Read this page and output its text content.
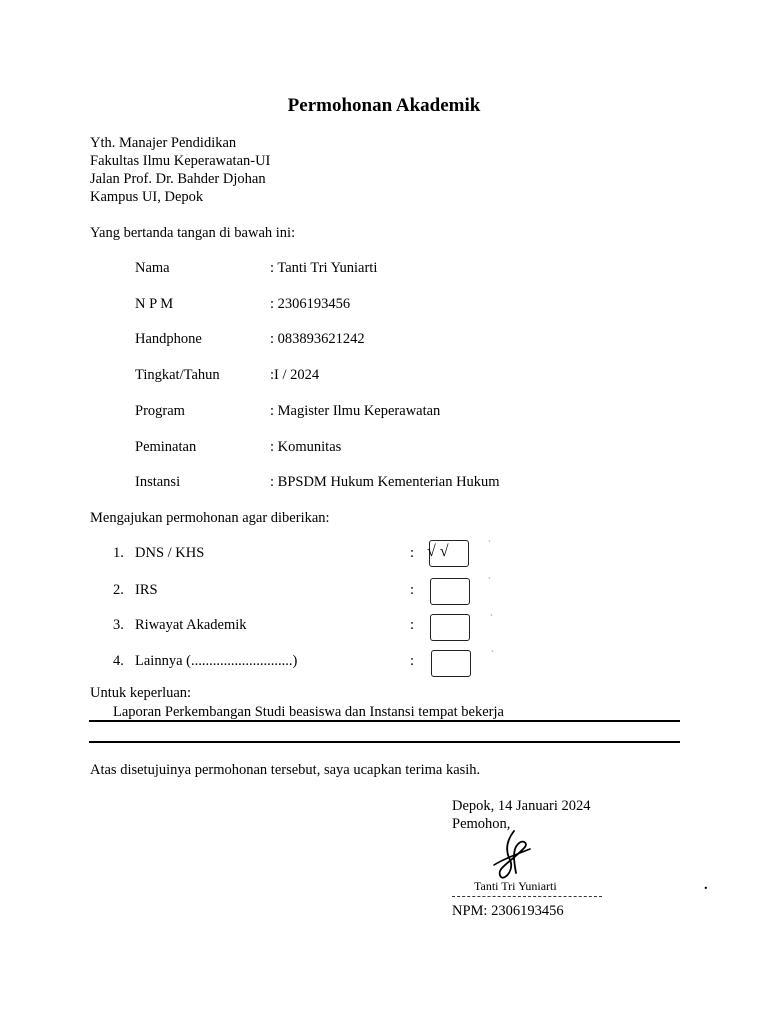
Permohonan Akademik
Yth. Manajer Pendidikan
Fakultas Ilmu Keperawatan-UI
Jalan Prof. Dr. Bahder Djohan
Kampus UI, Depok
Yang bertanda tangan di bawah ini:
Nama	: Tanti Tri Yuniarti
N P M	: 2306193456
Handphone	: 083893621242
Tingkat/Tahun	:I / 2024
Program	: Magister Ilmu Keperawatan
Peminatan	: Komunitas
Instansi	: BPSDM Hukum Kementerian Hukum
Mengajukan permohonan agar diberikan:
1. DNS / KHS	: √ √	`
2. IRS	:
`
3. Riwayat Akademik	:	`
4. Lainnya (............................)	:	`
Untuk keperluan:
Laporan Perkembangan Studi beasiswa dan Instansi tempat bekerja
Atas disetujuinya permohonan tersebut, saya ucapkan terima kasih.
Depok, 14 Januari 2024
Pemohon,
Tanti Tri Yuniarti
NPM: 2306193456
.
